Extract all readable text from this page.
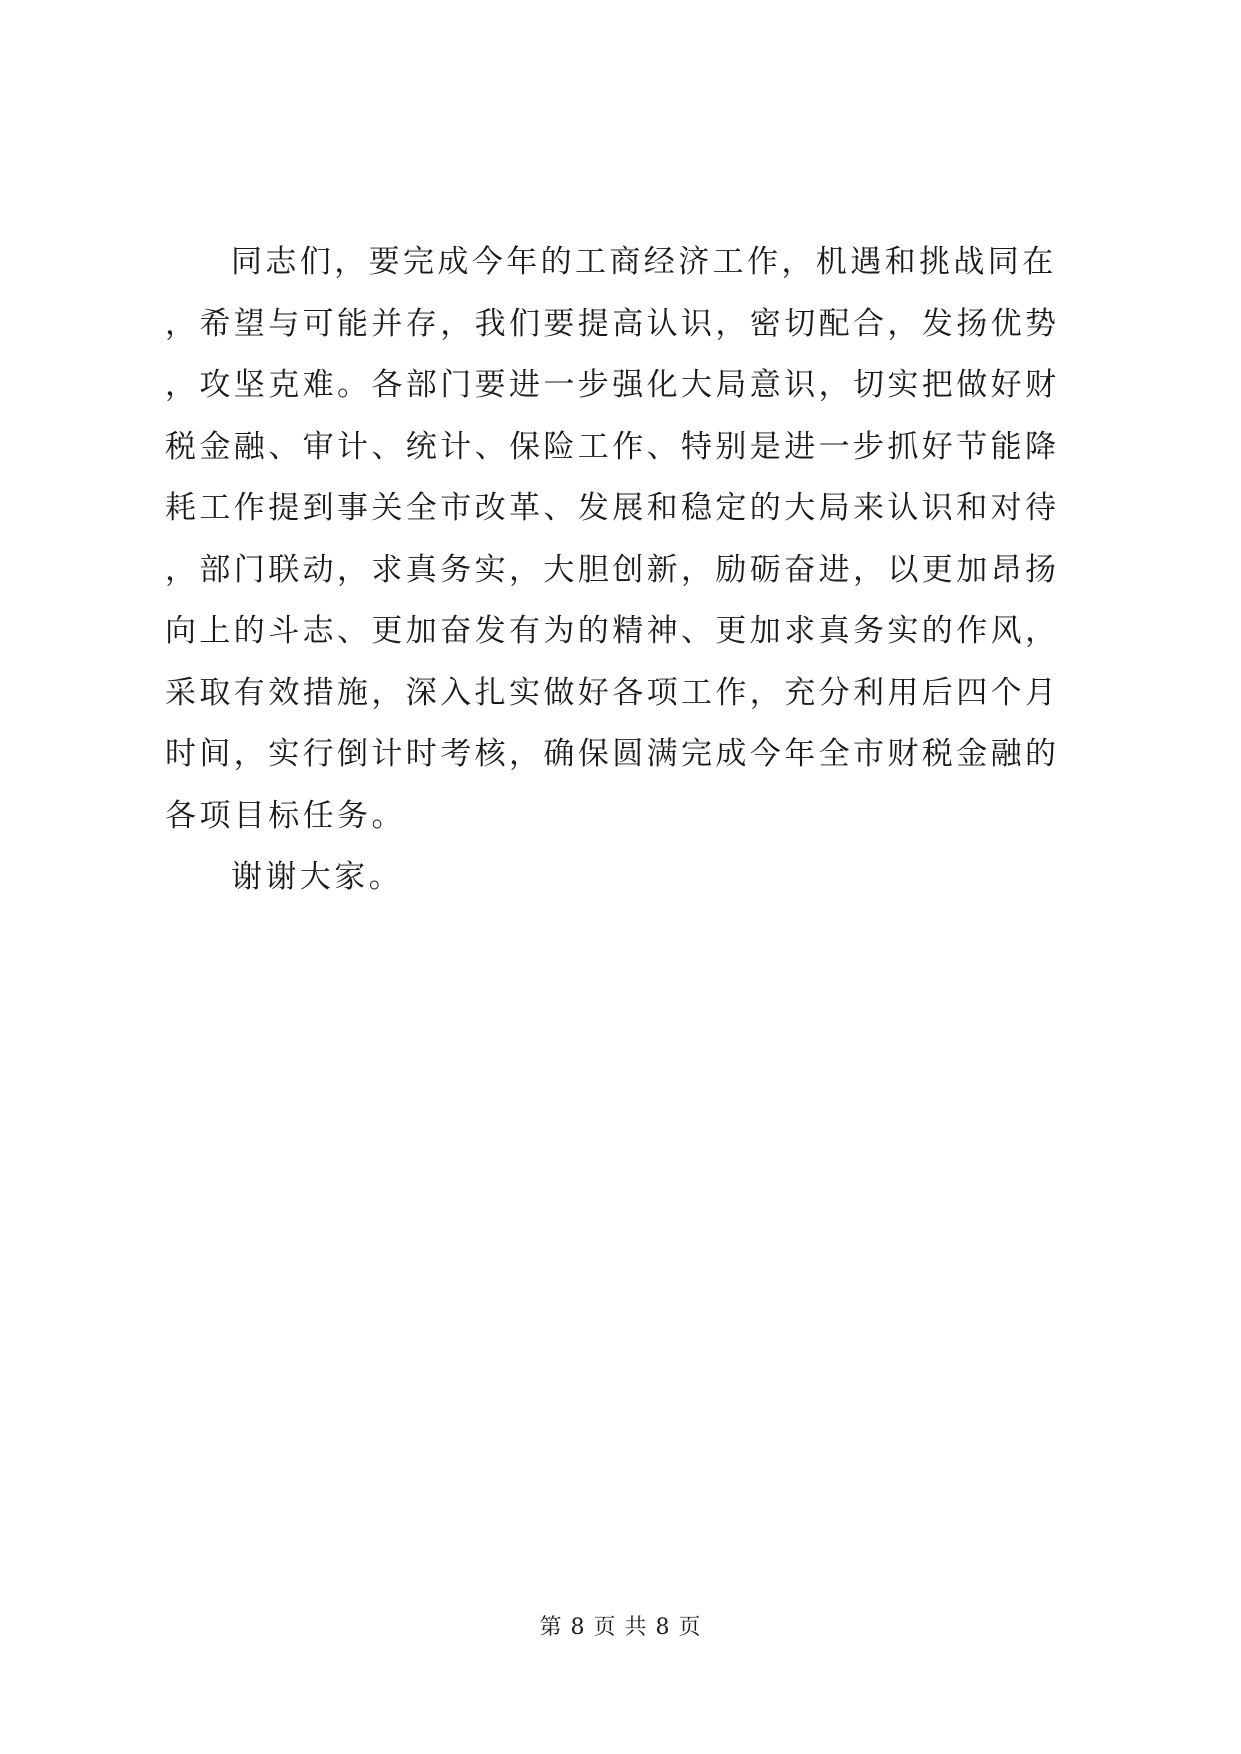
同志们，要完成今年的工商经济工作，机遇和挑战同在，希望与可能并存，我们要提高认识，密切配合，发扬优势，攻坚克难。各部门要进一步强化大局意识，切实把做好财税金融、审计、统计、保险工作、特别是进一步抓好节能降耗工作提到事关全市改革、发展和稳定的大局来认识和对待，部门联动，求真务实，大胆创新，励砺奋进，以更加昂扬向上的斗志、更加奋发有为的精神、更加求真务实的作风，采取有效措施，深入扎实做好各项工作，充分利用后四个月时间，实行倒计时考核，确保圆满完成今年全市财税金融的各项目标任务。

谢谢大家。

第 8 页 共 8 页
